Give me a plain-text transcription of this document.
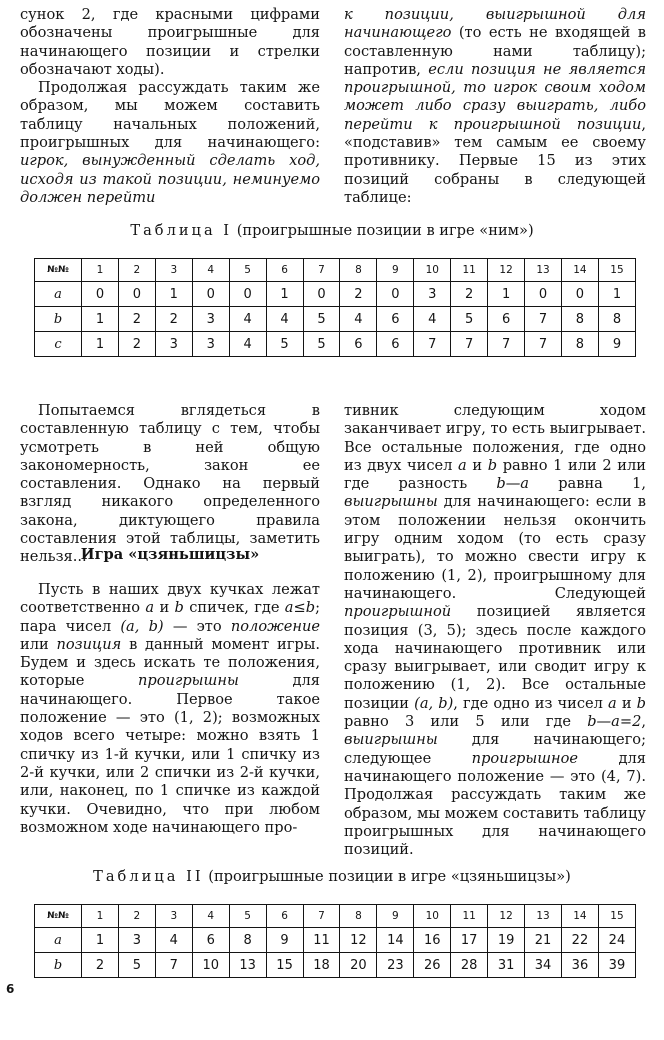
сунок 2, где красными цифрами обозначены проигрышные для начинающего позиции и стрелки обозначают ходы).

Продолжая рассуждать таким же образом, мы можем составить таблицу начальных положений, проигрышных для начинающего: игрок, вынужденный сделать ход, исходя из такой позиции, неминуемо должен перейти

к позиции, выигрышной для начинающего (то есть не входящей в составленную нами таблицу); напротив, если позиция не является проигрышной, то игрок своим ходом может либо сразу выиграть, либо перейти к проигрышной позиции, «подставив» тем самым ее своему противнику. Первые 15 из этих позиций собраны в следующей таблице:

Таблица I (проигрышные позиции в игре «ним»)
№№	1	2	3	4	5	6	7	8	9	10	11	12	13	14	15
a	0	0	1	0	0	1	0	2	0	3	2	1	0	0	1
b	1	2	2	3	4	4	5	4	6	4	5	6	7	8	8
c	1	2	3	3	4	5	5	6	6	7	7	7	7	8	9

Попытаемся вглядеться в составленную таблицу с тем, чтобы усмотреть в ней общую закономерность, закон ее составления. Однако на первый взгляд никакого определенного закона, диктующего правила составления этой таблицы, заметить нельзя...

Игра «цзяньшицзы»

Пусть в наших двух кучках лежат соответственно a и b спичек, где a≤b; пара чисел (a, b) — это положение или позиция в данный момент игры. Будем и здесь искать те положения, которые проигрышны для начинающего. Первое такое положение — это (1, 2); возможных ходов всего четыре: можно взять 1 спичку из 1-й кучки, или 1 спичку из 2-й кучки, или 2 спички из 2-й кучки, или, наконец, по 1 спичке из каждой кучки. Очевидно, что при любом возможном ходе начинающего про-

тивник следующим ходом заканчивает игру, то есть выигрывает. Все остальные положения, где одно из двух чисел a и b равно 1 или 2 или где разность b—a равна 1, выигрышны для начинающего: если в этом положении нельзя окончить игру одним ходом (то есть сразу выиграть), то можно свести игру к положению (1, 2), проигрышному для начинающего. Следующей проигрышной позицией является позиция (3, 5); здесь после каждого хода начинающего противник или сразу выигрывает, или сводит игру к положению (1, 2). Все остальные позиции (a, b), где одно из чисел a и b равно 3 или 5 или где b—a=2, выигрышны для начинающего; следующее проигрышное для начинающего положение — это (4, 7). Продолжая рассуждать таким же образом, мы можем составить таблицу проигрышных для начинающего позиций.

Таблица II (проигрышные позиции в игре «цзяньшицзы»)
№№	1	2	3	4	5	6	7	8	9	10	11	12	13	14	15
a	1	3	4	6	8	9	11	12	14	16	17	19	21	22	24
b	2	5	7	10	13	15	18	20	23	26	28	31	34	36	39
6
